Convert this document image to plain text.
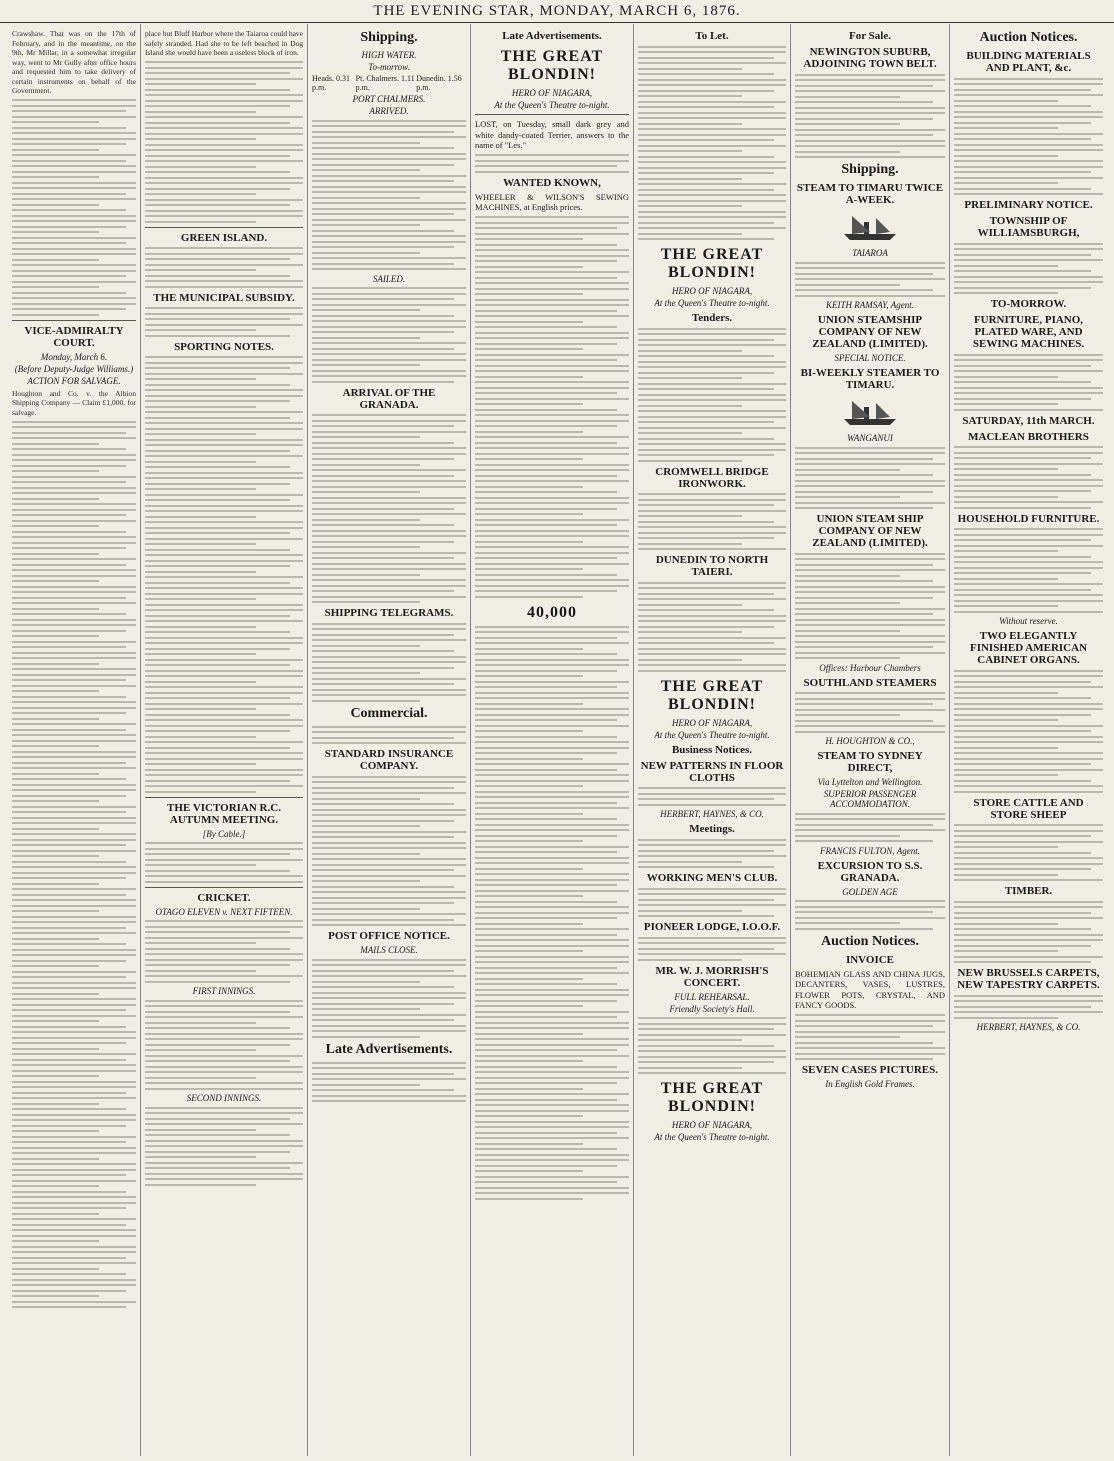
THE EVENING STAR, MONDAY, MARCH 6, 1876.
Crawshaw. That was on the 17th of February, and in the meantime, on the 9th, Mr Millar, in a somewhat irregular way, went to Mr Gully after office hours and requested him to take delivery of certain instruments on behalf of the Government.
VICE-ADMIRALTY COURT.
Monday, March 6.
(Before Deputy-Judge Williams.)
ACTION FOR SALVAGE.
Houghton and Co. v. the Albion Shipping Company — Claim £1,000, for salvage.
place but Bluff Harbor where the Taiaroa could have safely stranded. Had she to be left beached in Dog Island she would have been a useless block of iron.
GREEN ISLAND.
THE MUNICIPAL SUBSIDY.
SPORTING NOTES.
THE VICTORIAN R.C. AUTUMN MEETING.
[By Cable.]
CRICKET.
OTAGO ELEVEN v. NEXT FIFTEEN.
FIRST INNINGS.
SECOND INNINGS.
Shipping.
HIGH WATER.
To-morrow.
Heads. 0.31 p.m.
Pt. Chalmers. 1.11 p.m.
Dunedin. 1.56 p.m.
PORT CHALMERS.
ARRIVED.
SAILED.
ARRIVAL OF THE GRANADA.
SHIPPING TELEGRAMS.
Commercial.
STANDARD INSURANCE COMPANY.
POST OFFICE NOTICE.
MAILS CLOSE.
Late Advertisements.
Late Advertisements.
THE GREAT BLONDIN!
HERO OF NIAGARA,
At the Queen's Theatre to-night.
LOST, on Tuesday, small dark grey and white dandy-coated Terrier, answers to the name of "Les."
WANTED KNOWN,
WHEELER & WILSON'S SEWING MACHINES, at English prices.
40,000
To Let.
THE GREAT BLONDIN!
HERO OF NIAGARA,
At the Queen's Theatre to-night.
Tenders.
CROMWELL BRIDGE IRONWORK.
DUNEDIN TO NORTH TAIERI.
THE GREAT BLONDIN!
HERO OF NIAGARA,
At the Queen's Theatre to-night.
Business Notices.
NEW PATTERNS IN FLOOR CLOTHS
HERBERT, HAYNES, & CO.
Meetings.
WORKING MEN'S CLUB.
PIONEER LODGE, I.O.O.F.
MR. W. J. MORRISH'S CONCERT.
FULL REHEARSAL.
Friendly Society's Hall.
THE GREAT BLONDIN!
HERO OF NIAGARA,
At the Queen's Theatre to-night.
For Sale.
NEWINGTON SUBURB, ADJOINING TOWN BELT.
Shipping.
STEAM TO TIMARU TWICE A-WEEK.
TAIAROA
KEITH RAMSAY, Agent.
UNION STEAMSHIP COMPANY OF NEW ZEALAND (LIMITED).
SPECIAL NOTICE.
BI-WEEKLY STEAMER TO TIMARU.
WANGANUI
UNION STEAM SHIP COMPANY OF NEW ZEALAND (LIMITED).
Offices: Harbour Chambers
SOUTHLAND STEAMERS
H. HOUGHTON & CO.,
STEAM TO SYDNEY DIRECT,
Via Lyttelton and Wellington.
SUPERIOR PASSENGER ACCOMMODATION.
FRANCIS FULTON, Agent.
EXCURSION TO S.S. GRANADA.
GOLDEN AGE
Auction Notices.
INVOICE
BOHEMIAN GLASS AND CHINA JUGS, DECANTERS, VASES, LUSTRES, FLOWER POTS, CRYSTAL, AND FANCY GOODS.
SEVEN CASES PICTURES.
In English Gold Frames.
Auction Notices.
BUILDING MATERIALS AND PLANT, &c.
PRELIMINARY NOTICE.
TOWNSHIP OF WILLIAMSBURGH,
TO-MORROW.
FURNITURE, PIANO, PLATED WARE, AND SEWING MACHINES.
SATURDAY, 11th MARCH.
MACLEAN BROTHERS
HOUSEHOLD FURNITURE.
Without reserve.
TWO ELEGANTLY FINISHED AMERICAN CABINET ORGANS.
STORE CATTLE AND STORE SHEEP
TIMBER.
NEW BRUSSELS CARPETS, NEW TAPESTRY CARPETS.
HERBERT, HAYNES, & CO.
